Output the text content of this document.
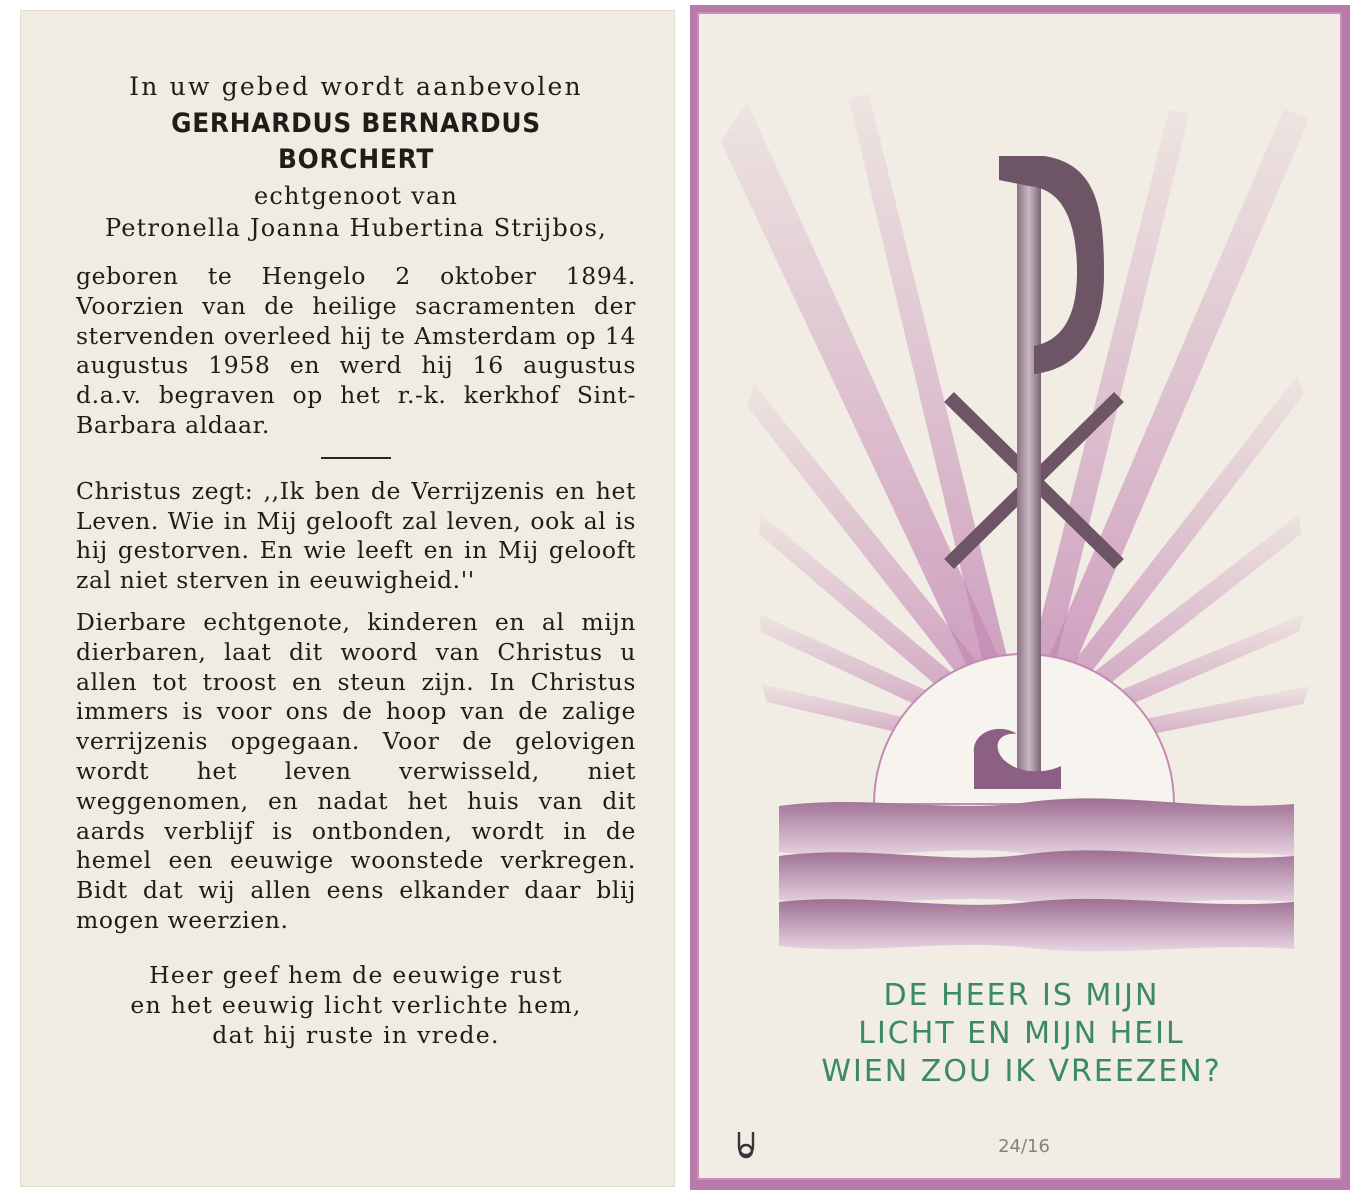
In uw gebed wordt aanbevolen
GERHARDUS BERNARDUS BORCHERT
echtgenoot van
Petronella Joanna Hubertina Strijbos,

geboren te Hengelo 2 oktober 1894. Voorzien van de heilige sacramenten der stervenden overleed hij te Amsterdam op 14 augustus 1958 en werd hij 16 augustus d.a.v. begraven op het r.-k. kerkhof Sint-Barbara aldaar.

Christus zegt: ,,Ik ben de Verrijzenis en het Leven. Wie in Mij gelooft zal leven, ook al is hij gestorven. En wie leeft en in Mij gelooft zal niet sterven in eeuwigheid.''

Dierbare echtgenote, kinderen en al mijn dierbaren, laat dit woord van Christus u allen tot troost en steun zijn. In Christus immers is voor ons de hoop van de zalige verrijzenis opgegaan. Voor de gelovigen wordt het leven verwisseld, niet weggenomen, en nadat het huis van dit aards verblijf is ontbonden, wordt in de hemel een eeuwige woonstede verkregen. Bidt dat wij allen eens elkander daar blij mogen weerzien.

Heer geef hem de eeuwige rust
en het eeuwig licht verlichte hem,
dat hij ruste in vrede.
DE HEER IS MIJN
LICHT EN MIJN HEIL
WIEN ZOU IK VREEZEN?
24/16
